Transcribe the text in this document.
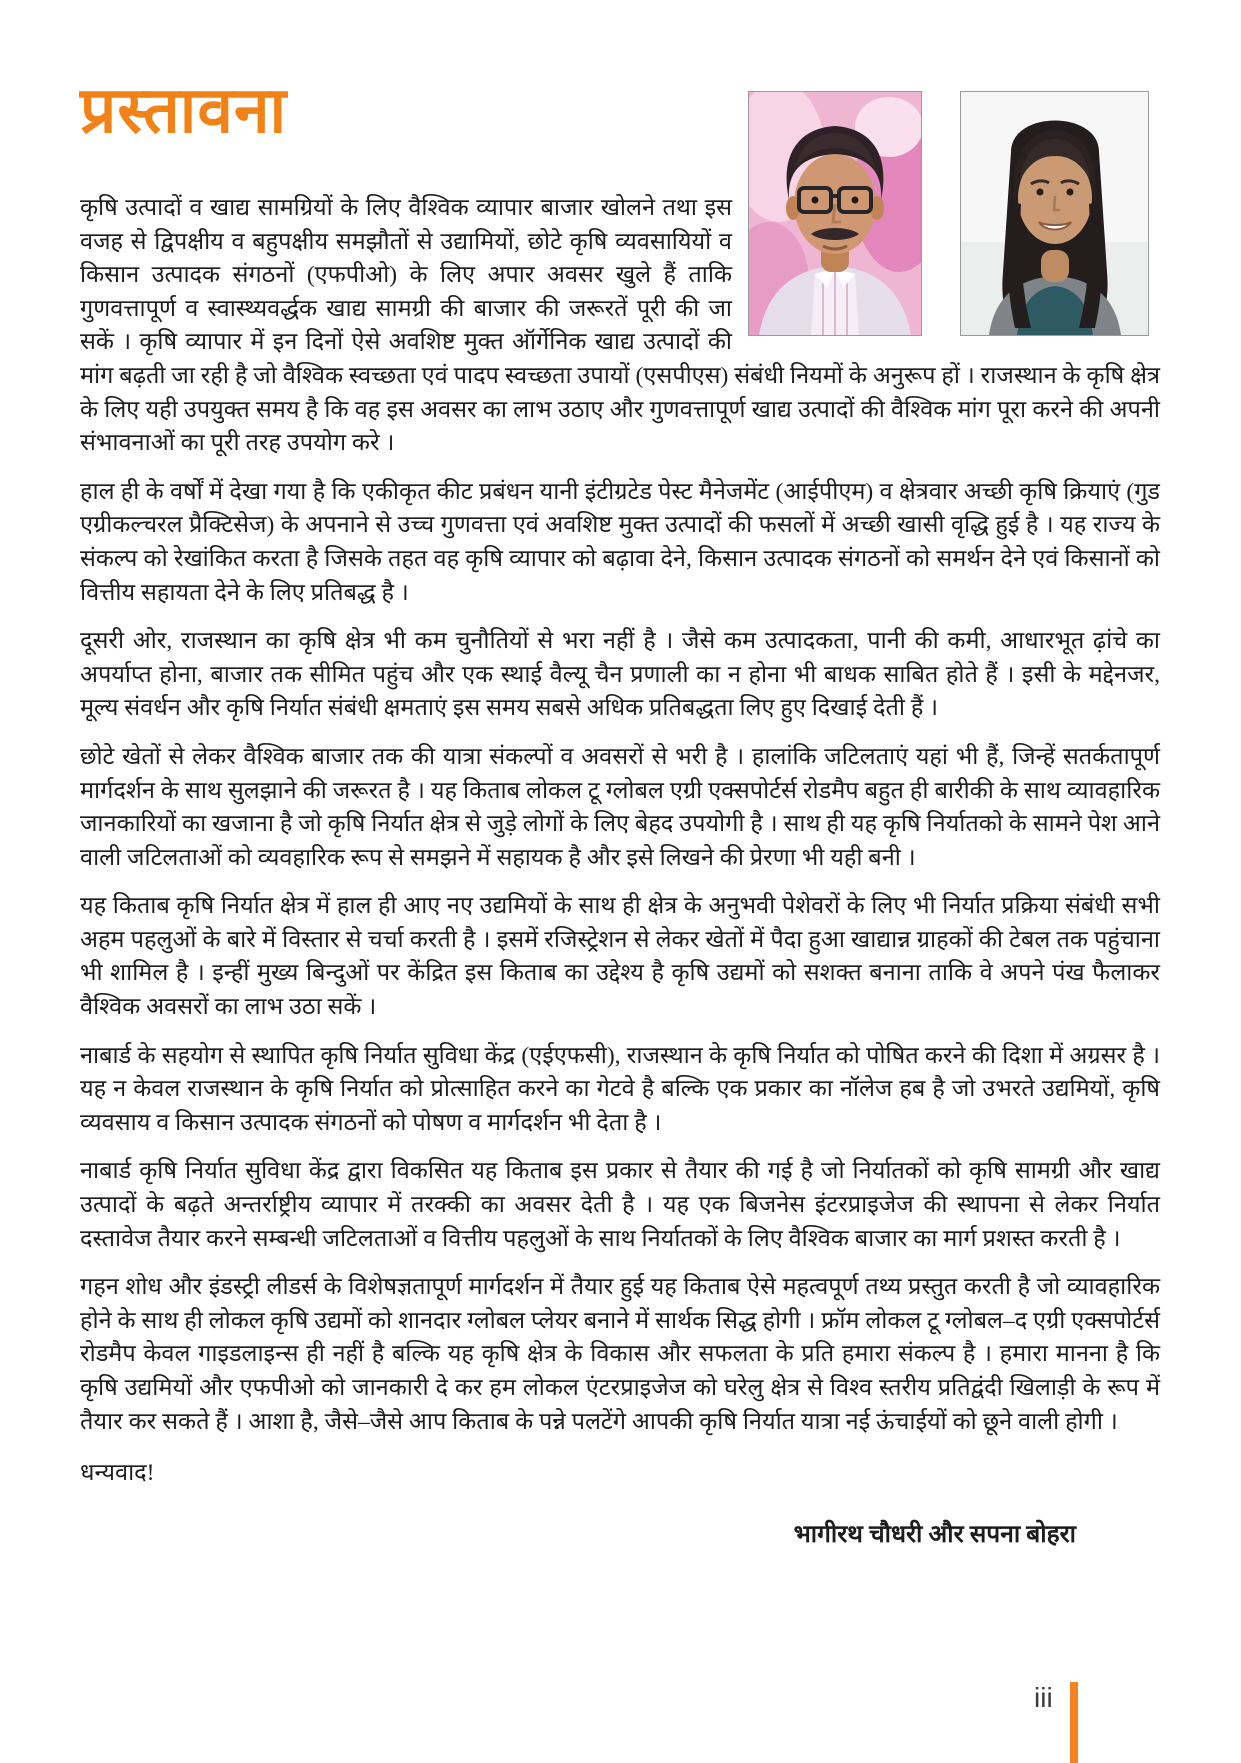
प्रस्तावना

कृषि उत्पादों व खाद्य सामग्रियों के लिए वैश्विक व्यापार बाजार खोलने तथा इस वजह से द्विपक्षीय व बहुपक्षीय समझौतों से उद्यामियों, छोटे कृषि व्यवसायियों व किसान उत्पादक संगठनों (एफपीओ) के लिए अपार अवसर खुले हैं ताकि गुणवत्तापूर्ण व स्वास्थ्यवर्द्धक खाद्य सामग्री की बाजार की जरूरतें पूरी की जा सकें । कृषि व्यापार में इन दिनों ऐसे अवशिष्ट मुक्त ऑर्गेनिक खाद्य उत्पादों की मांग बढ़ती जा रही है जो वैश्विक स्वच्छता एवं पादप स्वच्छता उपायों (एसपीएस) संबंधी नियमों के अनुरूप हों । राजस्थान के कृषि क्षेत्र के लिए यही उपयुक्त समय है कि वह इस अवसर का लाभ उठाए और गुणवत्तापूर्ण खाद्य उत्पादों की वैश्विक मांग पूरा करने की अपनी संभावनाओं का पूरी तरह उपयोग करे ।

हाल ही के वर्षों में देखा गया है कि एकीकृत कीट प्रबंधन यानी इंटीग्रटेड पेस्ट मैनेजमेंट (आईपीएम) व क्षेत्रवार अच्छी कृषि क्रियाएं (गुड एग्रीकल्चरल प्रैक्टिसेज) के अपनाने से उच्च गुणवत्ता एवं अवशिष्ट मुक्त उत्पादों की फसलों में अच्छी खासी वृद्धि हुई है । यह राज्य के संकल्प को रेखांकित करता है जिसके तहत वह कृषि व्यापार को बढ़ावा देने, किसान उत्पादक संगठनों को समर्थन देने एवं किसानों को वित्तीय सहायता देने के लिए प्रतिबद्ध है ।

दूसरी ओर, राजस्थान का कृषि क्षेत्र भी कम चुनौतियों से भरा नहीं है । जैसे कम उत्पादकता, पानी की कमी, आधारभूत ढ़ांचे का अपर्याप्त होना, बाजार तक सीमित पहुंच और एक स्थाई वैल्यू चैन प्रणाली का न होना भी बाधक साबित होते हैं । इसी के मद्देनजर, मूल्य संवर्धन और कृषि निर्यात संबंधी क्षमताएं इस समय सबसे अधिक प्रतिबद्धता लिए हुए दिखाई देती हैं ।

छोटे खेतों से लेकर वैश्विक बाजार तक की यात्रा संकल्पों व अवसरों से भरी है । हालांकि जटिलताएं यहां भी हैं, जिन्हें सतर्कतापूर्ण मार्गदर्शन के साथ सुलझाने की जरूरत है । यह किताब लोकल टू ग्लोबल एग्री एक्सपोर्टर्स रोडमैप बहुत ही बारीकी के साथ व्यावहारिक जानकारियों का खजाना है जो कृषि निर्यात क्षेत्र से जुड़े लोगों के लिए बेहद उपयोगी है । साथ ही यह कृषि निर्यातको के सामने पेश आने वाली जटिलताओं को व्यवहारिक रूप से समझने में सहायक है और इसे लिखने की प्रेरणा भी यही बनी ।

यह किताब कृषि निर्यात क्षेत्र में हाल ही आए नए उद्यमियों के साथ ही क्षेत्र के अनुभवी पेशेवरों के लिए भी निर्यात प्रक्रिया संबंधी सभी अहम पहलुओं के बारे में विस्तार से चर्चा करती है । इसमें रजिस्ट्रेशन से लेकर खेतों में पैदा हुआ खाद्यान्न ग्राहकों की टेबल तक पहुंचाना भी शामिल है । इन्हीं मुख्य बिन्दुओं पर केंद्रित इस किताब का उद्देश्य है कृषि उद्यमों को सशक्त बनाना ताकि वे अपने पंख फैलाकर वैश्विक अवसरों का लाभ उठा सकें ।

नाबार्ड के सहयोग से स्थापित कृषि निर्यात सुविधा केंद्र (एईएफसी), राजस्थान के कृषि निर्यात को पोषित करने की दिशा में अग्रसर है । यह न केवल राजस्थान के कृषि निर्यात को प्रोत्साहित करने का गेटवे है बल्कि एक प्रकार का नॉलेज हब है जो उभरते उद्यमियों, कृषि व्यवसाय व किसान उत्पादक संगठनों को पोषण व मार्गदर्शन भी देता है ।

नाबार्ड कृषि निर्यात सुविधा केंद्र द्वारा विकसित यह किताब इस प्रकार से तैयार की गई है जो निर्यातकों को कृषि सामग्री और खाद्य उत्पादों के बढ़ते अन्तर्राष्ट्रीय व्यापार में तरक्की का अवसर देती है । यह एक बिजनेस इंटरप्राइजेज की स्थापना से लेकर निर्यात दस्तावेज तैयार करने सम्बन्धी जटिलताओं व वित्तीय पहलुओं के साथ निर्यातकों के लिए वैश्विक बाजार का मार्ग प्रशस्त करती है ।

गहन शोध और इंडस्ट्री लीडर्स के विशेषज्ञतापूर्ण मार्गदर्शन में तैयार हुई यह किताब ऐसे महत्वपूर्ण तथ्य प्रस्तुत करती है जो व्यावहारिक होने के साथ ही लोकल कृषि उद्यमों को शानदार ग्लोबल प्लेयर बनाने में सार्थक सिद्ध होगी । फ्रॉम लोकल टू ग्लोबल–द एग्री एक्सपोर्टर्स रोडमैप केवल गाइडलाइन्स ही नहीं है बल्कि यह कृषि क्षेत्र के विकास और सफलता के प्रति हमारा संकल्प है । हमारा मानना है कि कृषि उद्यमियों और एफपीओ को जानकारी दे कर हम लोकल एंटरप्राइजेज को घरेलु क्षेत्र से विश्व स्तरीय प्रतिद्वंदी खिलाड़ी के रूप में तैयार कर सकते हैं । आशा है, जैसे–जैसे आप किताब के पन्ने पलटेंगे आपकी कृषि निर्यात यात्रा नई ऊंचाईयों को छूने वाली होगी ।

धन्यवाद!

भागीरथ चौधरी और सपना बोहरा

iii
